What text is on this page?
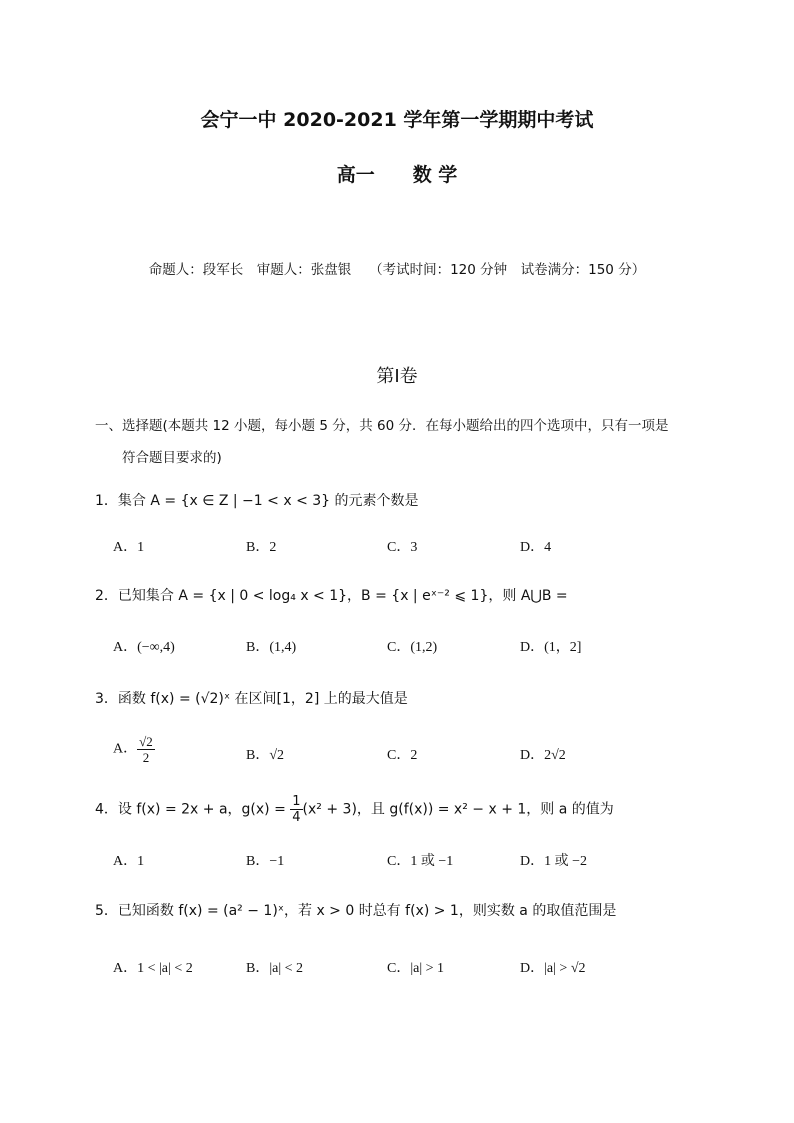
会宁一中 2020-2021 学年第一学期期中考试
高一　　数 学
命题人：段军长　审题人：张盘银　 （考试时间：120 分钟　试卷满分：150 分）
第Ⅰ卷
一、选择题(本题共 12 小题，每小题 5 分，共 60 分．在每小题给出的四个选项中，只有一项是
符合题目要求的)
1．集合 A = {x ∈ Z | −1 < x < 3} 的元素个数是
A．1	B．2	C．3	D．4
2．已知集合 A = {x | 0 < log₄ x < 1}，B = {x | eˣ⁻² ⩽ 1}，则 A⋃B =
A．(−∞,4)	B．(1,4)	C．(1,2)	D．(1，2]
3．函数 f(x) = (√2)ˣ 在区间[1，2] 上的最大值是
A． $\frac{√2}{2}$	B．√2	C．2	D．2√2
4．设 f(x) = 2x + a，$g(x) = \frac{1}{4} (x^2 + 3)$，且 g(f(x)) = x² − x + 1，则 a 的值为
A．1	B．−1	C．1 或 −1	D．1 或 −2
5．已知函数 f(x) = (a² − 1)ˣ，若 x > 0 时总有 f(x) > 1，则实数 a 的取值范围是
A．1 < |a| < 2	B．|a| < 2	C．|a| > 1	D．|a| > √2
